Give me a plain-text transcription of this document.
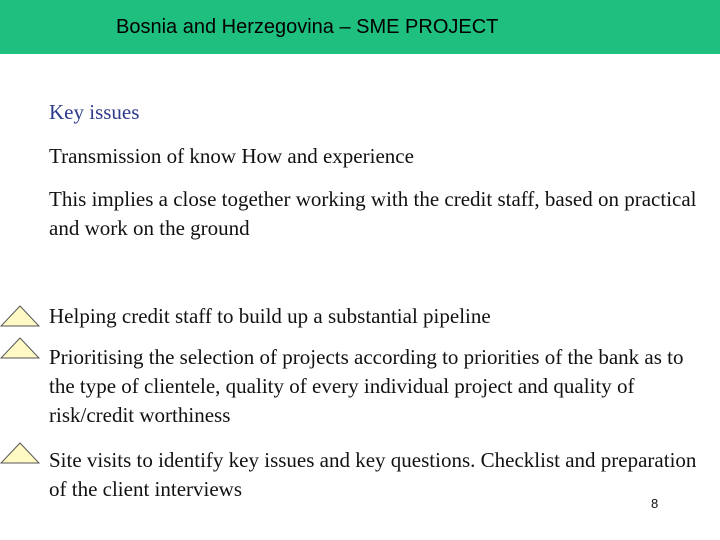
Bosnia and Herzegovina – SME PROJECT
Key issues
Transmission of know How and experience
This implies a close together working with the credit staff, based on practical and work on the ground
Helping credit staff to build up a substantial pipeline
Prioritising the selection of projects according to priorities of the bank as to the type of clientele, quality of every individual project and quality of risk/credit worthiness
Site visits to identify key issues and key questions. Checklist and preparation of the client interviews
8
